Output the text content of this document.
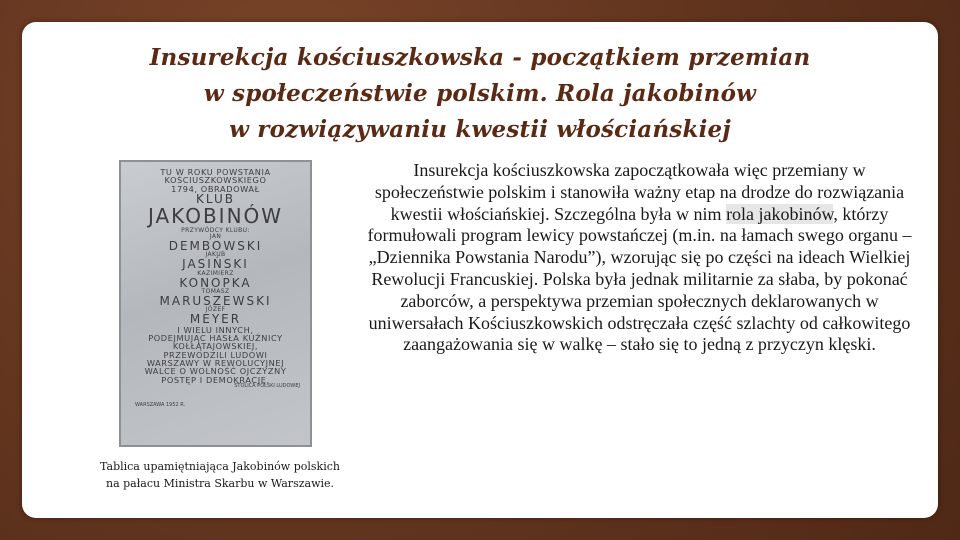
Insurekcja kościuszkowska - początkiem przemian
w społeczeństwie polskim. Rola jakobinów
w rozwiązywaniu kwestii włościańskiej
TU W ROKU POWSTANIA
KOŚCIUSZKOWSKIEGO
1794, OBRADOWAŁ
KLUB
JAKOBINÓW
PRZYWÓDCY KLUBU:
JAN
DEMBOWSKI
JAKUB
JASIŃSKI
KAZIMIERZ
KONOPKA
TOMASZ
MARUSZEWSKI
JÓZEF
MEYER
I WIELU INNYCH,
PODEJMUJĄC HASŁA KUŹNICY
KOŁŁĄTAJOWSKIEJ,
PRZEWODZILI LUDOWI
WARSZAWY W REWOLUCYJNEJ
WALCE O WOLNOŚĆ OJCZYZNY
POSTĘP I DEMOKRACJĘ.
STOLICA POLSKI LUDOWEJ
WARSZAWA 1952 R.
Tablica upamiętniająca Jakobinów polskich
na pałacu Ministra Skarbu w Warszawie.
Insurekcja kościuszkowska zapoczątkowała więc przemiany w społeczeństwie polskim i stanowiła ważny etap na drodze do rozwiązania kwestii włościańskiej. Szczególna była w nim rola jakobinów, którzy formułowali program lewicy powstańczej (m.in. na łamach swego organu – „Dziennika Powstania Narodu”), wzorując się po części na ideach Wielkiej Rewolucji Francuskiej. Polska była jednak militarnie za słaba, by pokonać zaborców, a perspektywa przemian społecznych deklarowanych w uniwersałach Kościuszkowskich odstręczała część szlachty od całkowitego zaangażowania się w walkę – stało się to jedną z przyczyn klęski.
